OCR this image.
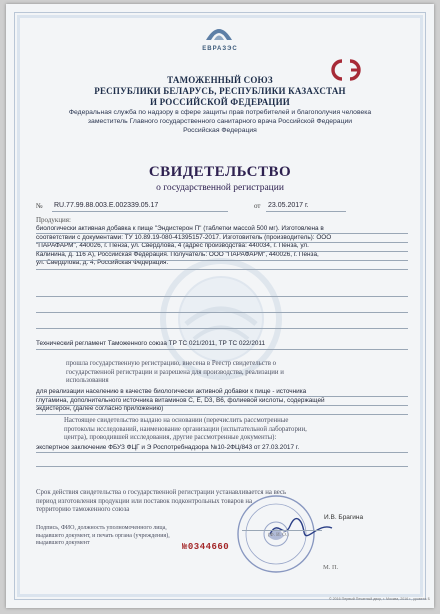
ЕВРАЗЭС
СЭ
ТАМОЖЕННЫЙ СОЮЗ
РЕСПУБЛИКИ БЕЛАРУСЬ, РЕСПУБЛИКИ КАЗАХСТАН
И РОССИЙСКОЙ ФЕДЕРАЦИИ
Федеральная служба по надзору в сфере защиты прав потребителей и благополучия человека
заместитель Главного государственного санитарного врача Российской Федерации
Российская Федерация
СВИДЕТЕЛЬСТВО
о государственной регистрации
№ RU.77.99.88.003.Е.002339.05.17	от 23.05.2017 г.
Продукция:
биологически активная добавка к пище "Эндистерон П" (таблетки массой 500 мг). Изготовлена в
соответствии с документами: ТУ 10.89.19-080-41395157-2017. Изготовитель (производитель): ООО
"ПАРАФАРМ", 440026, г. Пенза, ул. Свердлова, 4 (адрес производства: 440034, г. Пенза, ул.
Калинина, д. 116 А), Российская Федерация. Получатель: ООО "ПАРАФАРМ", 440026, г. Пенза,
ул. Свердлова, д. 4, Российская Федерация.
Технический регламент Таможенного союза ТР ТС 021/2011, ТР ТС 022/2011
прошла государственную регистрацию, внесена в Реестр свидетельств о
государственной регистрации и разрешена для производства, реализации и
использования
для реализации населению в качестве биологически активной добавки к пище - источника
глутамина, дополнительного источника витаминов С, Е, D3, B6, фолиевой кислоты, содержащей
экдистерон, (далее согласно приложению)
Настоящее свидетельство выдано на основании (перечислить рассмотренные
протоколы исследований, наименование организации (испытательной лаборатории,
центра), проводившей исследования, другие рассмотренные документы):
экспертное заключение ФБУЗ ФЦГ и Э Роспотребнадзора №10-2ФЦ/843 от 27.03.2017 г.
Срок действия свидетельства о государственной регистрации устанавливается на весь
период изготовления продукции или поставок подконтрольных товаров на
территорию таможенного союза
Подпись, ФИО, должность уполномоченного лица,
выдавшего документ, и печать органа (учреждения),
выдавшего документ
И.В. Брагина
(Ф. И. О.)
№0344660
М. П.
© 2016 Первый Печатный двор, г. Москва, 2016 г., уровень Б
